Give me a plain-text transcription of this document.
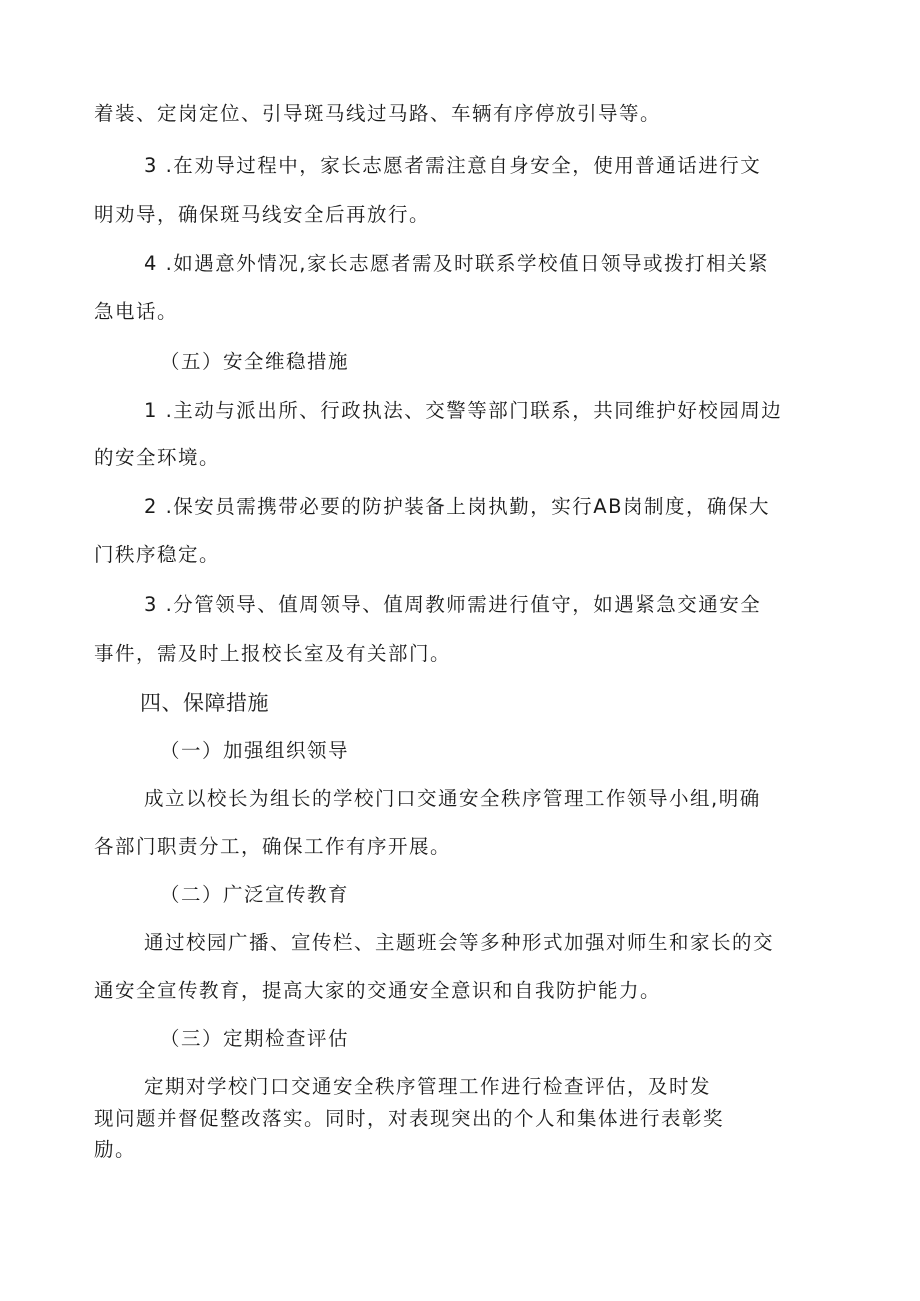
着装、定岗定位、引导斑马线过马路、车辆有序停放引导等。
3 .在劝导过程中，家长志愿者需注意自身安全，使用普通话进行文
明劝导，确保斑马线安全后再放行。
4 .如遇意外情况,家长志愿者需及时联系学校值日领导或拨打相关紧
急电话。
（五）安全维稳措施
1 .主动与派出所、行政执法、交警等部门联系，共同维护好校园周边
的安全环境。
2 .保安员需携带必要的防护装备上岗执勤，实行AB岗制度，确保大
门秩序稳定。
3 .分管领导、值周领导、值周教师需进行值守，如遇紧急交通安全
事件，需及时上报校长室及有关部门。
四、保障措施
（一）加强组织领导
成立以校长为组长的学校门口交通安全秩序管理工作领导小组,明确
各部门职责分工，确保工作有序开展。
（二）广泛宣传教育
通过校园广播、宣传栏、主题班会等多种形式加强对师生和家长的交
通安全宣传教育，提高大家的交通安全意识和自我防护能力。
（三）定期检查评估
定期对学校门口交通安全秩序管理工作进行检查评估，及时发
现问题并督促整改落实。同时，对表现突出的个人和集体进行表彰奖
励。
